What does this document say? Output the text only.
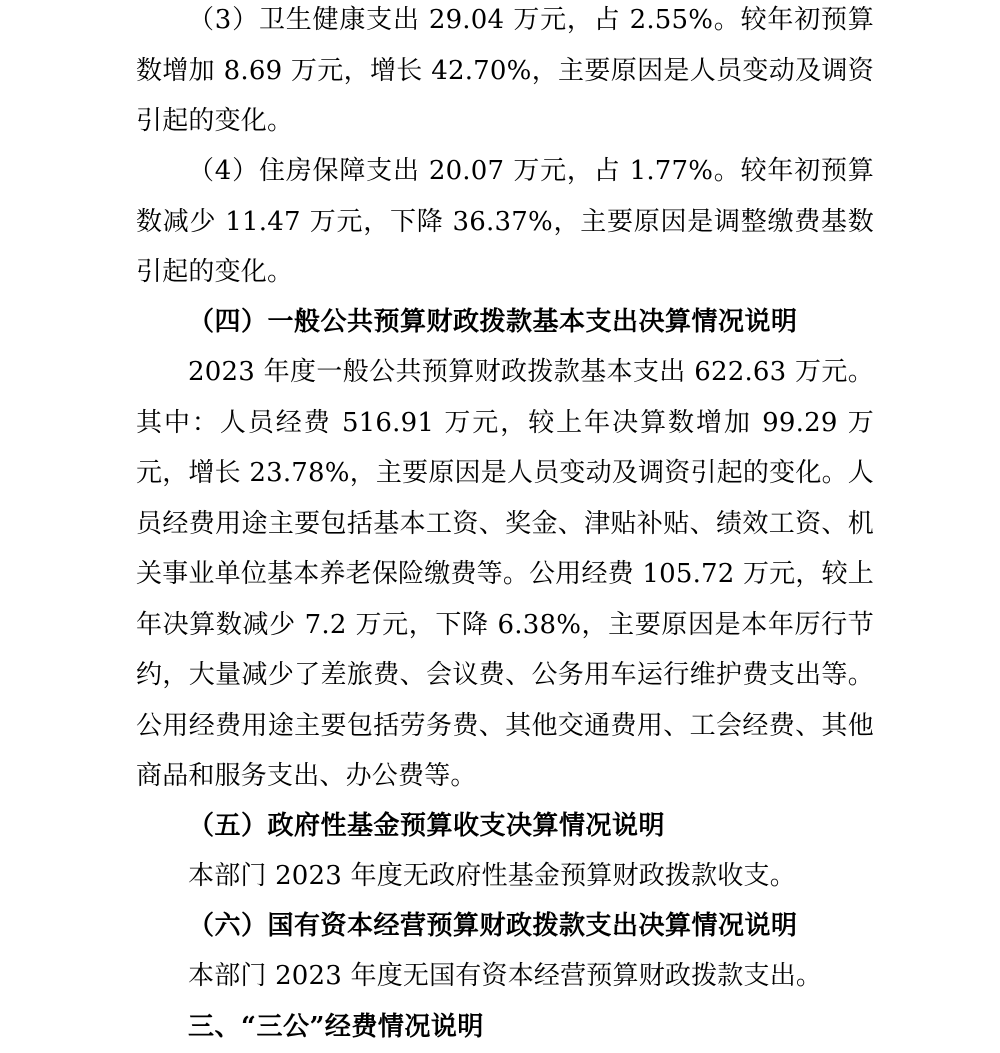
（3）卫生健康支出 29.04 万元，占 2.55%。较年初预算数增加 8.69 万元，增长 42.70%，主要原因是人员变动及调资引起的变化。

（4）住房保障支出 20.07 万元，占 1.77%。较年初预算数减少 11.47 万元，下降 36.37%，主要原因是调整缴费基数引起的变化。

（四）一般公共预算财政拨款基本支出决算情况说明

2023 年度一般公共预算财政拨款基本支出 622.63 万元。其中：人员经费 516.91 万元，较上年决算数增加 99.29 万元，增长 23.78%，主要原因是人员变动及调资引起的变化。人员经费用途主要包括基本工资、奖金、津贴补贴、绩效工资、机关事业单位基本养老保险缴费等。公用经费 105.72 万元，较上年决算数减少 7.2 万元，下降 6.38%，主要原因是本年厉行节约，大量减少了差旅费、会议费、公务用车运行维护费支出等。公用经费用途主要包括劳务费、其他交通费用、工会经费、其他商品和服务支出、办公费等。

（五）政府性基金预算收支决算情况说明

本部门 2023 年度无政府性基金预算财政拨款收支。

（六）国有资本经营预算财政拨款支出决算情况说明

本部门 2023 年度无国有资本经营预算财政拨款支出。

三、“三公”经费情况说明
